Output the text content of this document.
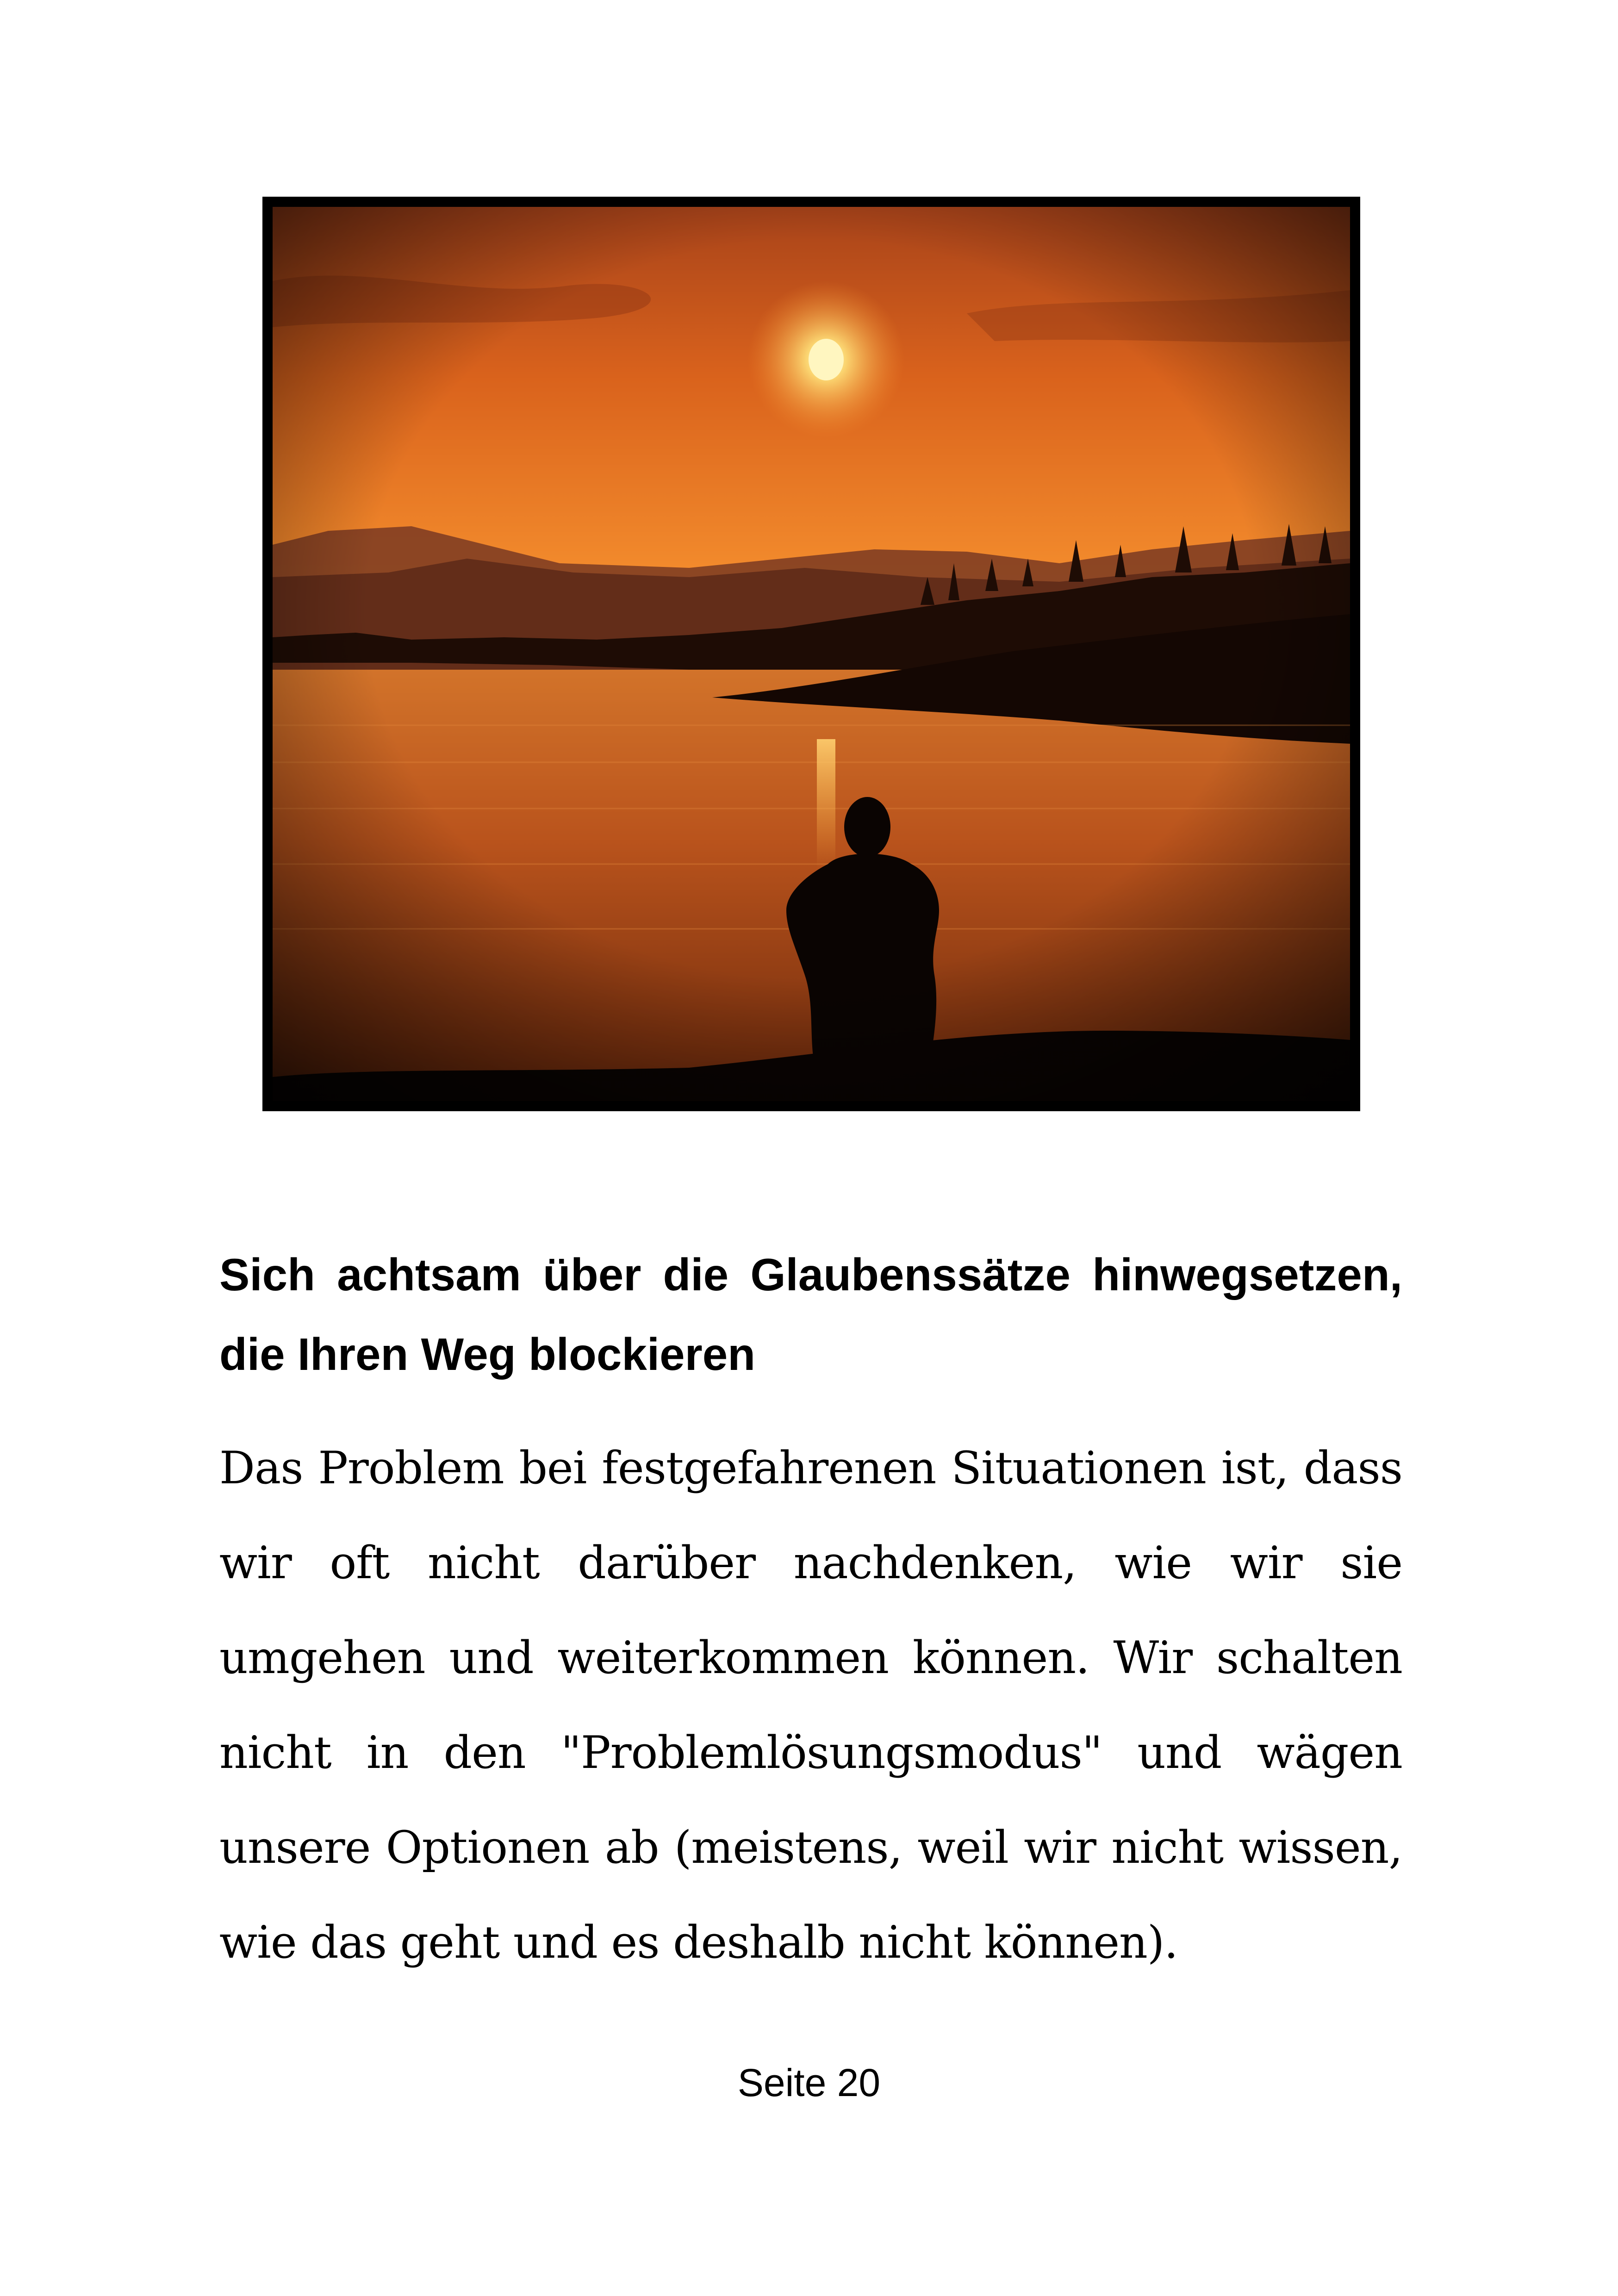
Sich achtsam über die Glaubenssätze hinwegsetzen, die Ihren Weg blockieren

Das Problem bei festgefahrenen Situationen ist, dass wir oft nicht darüber nachdenken, wie wir sie umgehen und weiterkommen können. Wir schalten nicht in den "Problemlösungsmodus" und wägen unsere Optionen ab (meistens, weil wir nicht wissen, wie das geht und es deshalb nicht können).

Seite 20
